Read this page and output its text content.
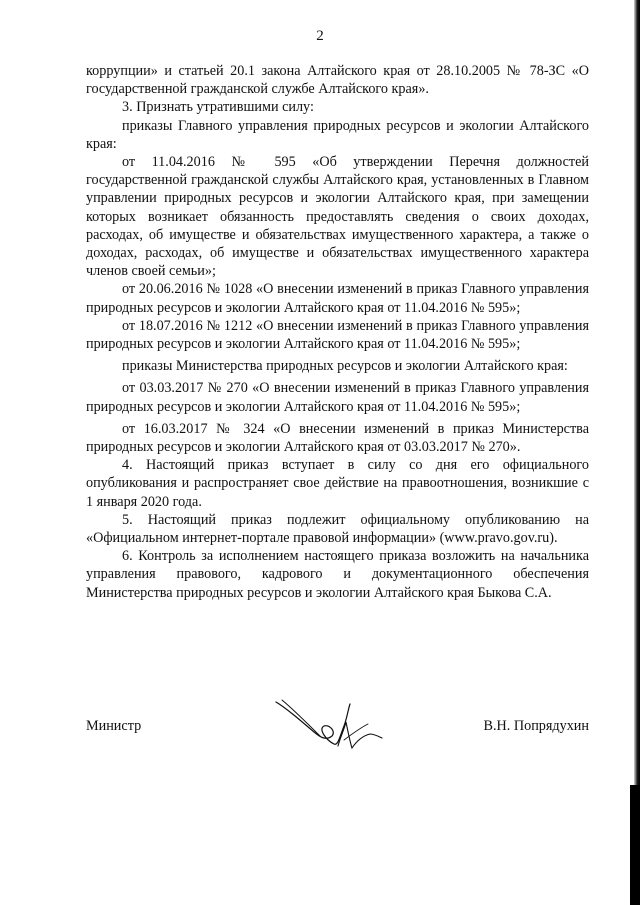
2

коррупции» и статьей 20.1 закона Алтайского края от 28.10.2005 № 78-ЗС «О государственной гражданской службе Алтайского края».

3. Признать утратившими силу:

приказы Главного управления природных ресурсов и экологии Алтайского края:

от 11.04.2016 № 595 «Об утверждении Перечня должностей государственной гражданской службы Алтайского края, установленных в Главном управлении природных ресурсов и экологии Алтайского края, при замещении которых возникает обязанность предоставлять сведения о своих доходах, расходах, об имуществе и обязательствах имущественного характера, а также о доходах, расходах, об имуществе и обязательствах имущественного характера членов своей семьи»;

от 20.06.2016 № 1028 «О внесении изменений в приказ Главного управления природных ресурсов и экологии Алтайского края от 11.04.2016 № 595»;

от 18.07.2016 № 1212 «О внесении изменений в приказ Главного управления природных ресурсов и экологии Алтайского края от 11.04.2016 № 595»;

приказы Министерства природных ресурсов и экологии Алтайского края:

от 03.03.2017 № 270 «О внесении изменений в приказ Главного управления природных ресурсов и экологии Алтайского края от 11.04.2016 № 595»;

от 16.03.2017 № 324 «О внесении изменений в приказ Министерства природных ресурсов и экологии Алтайского края от 03.03.2017 № 270».

4. Настоящий приказ вступает в силу со дня его официального опубликования и распространяет свое действие на правоотношения, возникшие с 1 января 2020 года.

5. Настоящий приказ подлежит официальному опубликованию на «Официальном интернет-портале правовой информации» (www.pravo.gov.ru).

6. Контроль за исполнением настоящего приказа возложить на начальника управления правового, кадрового и документационного обеспечения Министерства природных ресурсов и экологии Алтайского края Быкова С.А.

Министр	В.Н. Попрядухин
